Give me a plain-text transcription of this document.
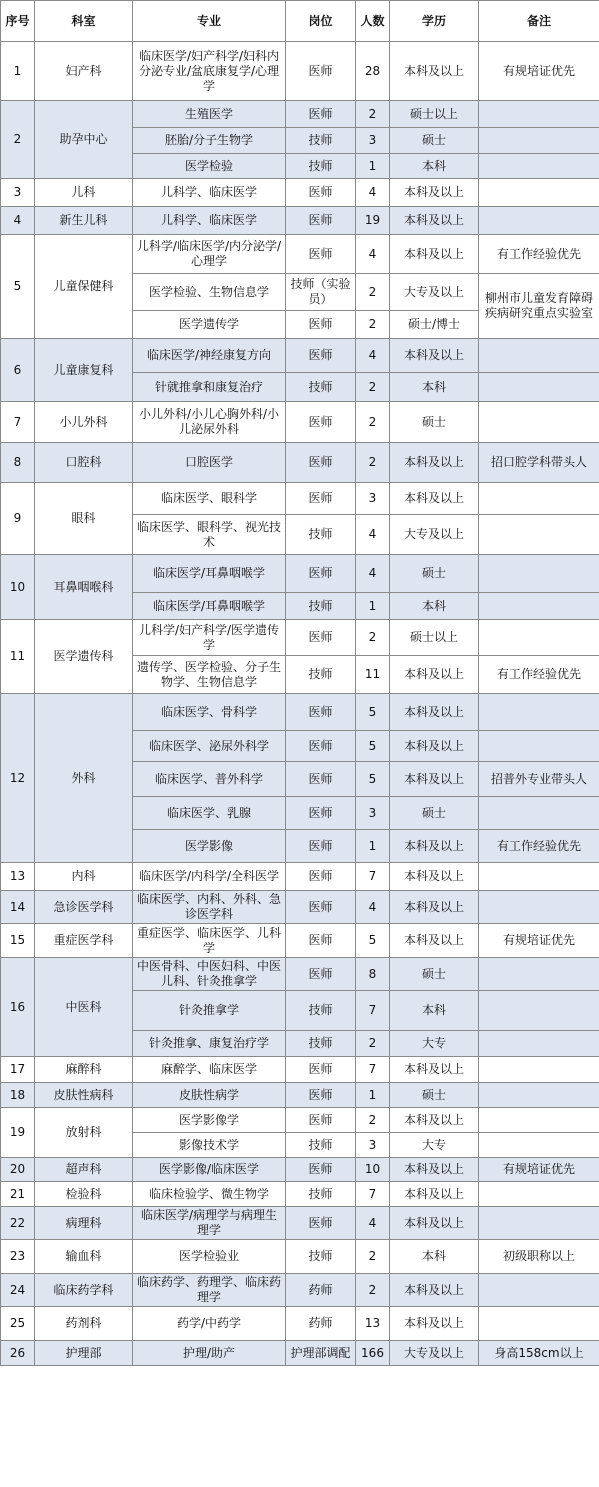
序号	科室	专业	岗位	人数	学历	备注
1	妇产科	临床医学/妇产科学/妇科内分泌专业/盆底康复学/心理学	医师	28	本科及以上	有规培证优先
2	助孕中心	生殖医学	医师	2	硕士以上	
		胚胎/分子生物学	技师	3	硕士	
		医学检验	技师	1	本科	
3	儿科	儿科学、临床医学	医师	4	本科及以上	
4	新生儿科	儿科学、临床医学	医师	19	本科及以上	
5	儿童保健科	儿科学/临床医学/内分泌学/心理学	医师	4	本科及以上	有工作经验优先
		医学检验、生物信息学	技师（实验员）	2	大专及以上	柳州市儿童发育障碍疾病研究重点实验室
		医学遗传学	医师	2	硕士/博士	
6	儿童康复科	临床医学/神经康复方向	医师	4	本科及以上	
		针就推拿和康复治疗	技师	2	本科	
7	小儿外科	小儿外科/小儿心胸外科/小儿泌尿外科	医师	2	硕士	
8	口腔科	口腔医学	医师	2	本科及以上	招口腔学科带头人
9	眼科	临床医学、眼科学	医师	3	本科及以上	
		临床医学、眼科学、视光技术	技师	4	大专及以上	
10	耳鼻咽喉科	临床医学/耳鼻咽喉学	医师	4	硕士	
		临床医学/耳鼻咽喉学	技师	1	本科	
11	医学遗传科	儿科学/妇产科学/医学遗传学	医师	2	硕士以上	
		遗传学、医学检验、分子生物学、生物信息学	技师	11	本科及以上	有工作经验优先
12	外科	临床医学、骨科学	医师	5	本科及以上	
		临床医学、泌尿外科学	医师	5	本科及以上	
		临床医学、普外科学	医师	5	本科及以上	招普外专业带头人
		临床医学、乳腺	医师	3	硕士	
		医学影像	医师	1	本科及以上	有工作经验优先
13	内科	临床医学/内科学/全科医学	医师	7	本科及以上	
14	急诊医学科	临床医学、内科、外科、急诊医学科	医师	4	本科及以上	
15	重症医学科	重症医学、临床医学、儿科学	医师	5	本科及以上	有规培证优先
16	中医科	中医骨科、中医妇科、中医儿科、针灸推拿学	医师	8	硕士	
		针灸推拿学	技师	7	本科	
		针灸推拿、康复治疗学	技师	2	大专	
17	麻醉科	麻醉学、临床医学	医师	7	本科及以上	
18	皮肤性病科	皮肤性病学	医师	1	硕士	
19	放射科	医学影像学	医师	2	本科及以上	
		影像技术学	技师	3	大专	
20	超声科	医学影像/临床医学	医师	10	本科及以上	有规培证优先
21	检验科	临床检验学、微生物学	技师	7	本科及以上	
22	病理科	临床医学/病理学与病理生理学	医师	4	本科及以上	
23	输血科	医学检验业	技师	2	本科	初级职称以上
24	临床药学科	临床药学、药理学、临床药理学	药师	2	本科及以上	
25	药剂科	药学/中药学	药师	13	本科及以上	
26	护理部	护理/助产	护理部调配	166	大专及以上	身高158cm以上
